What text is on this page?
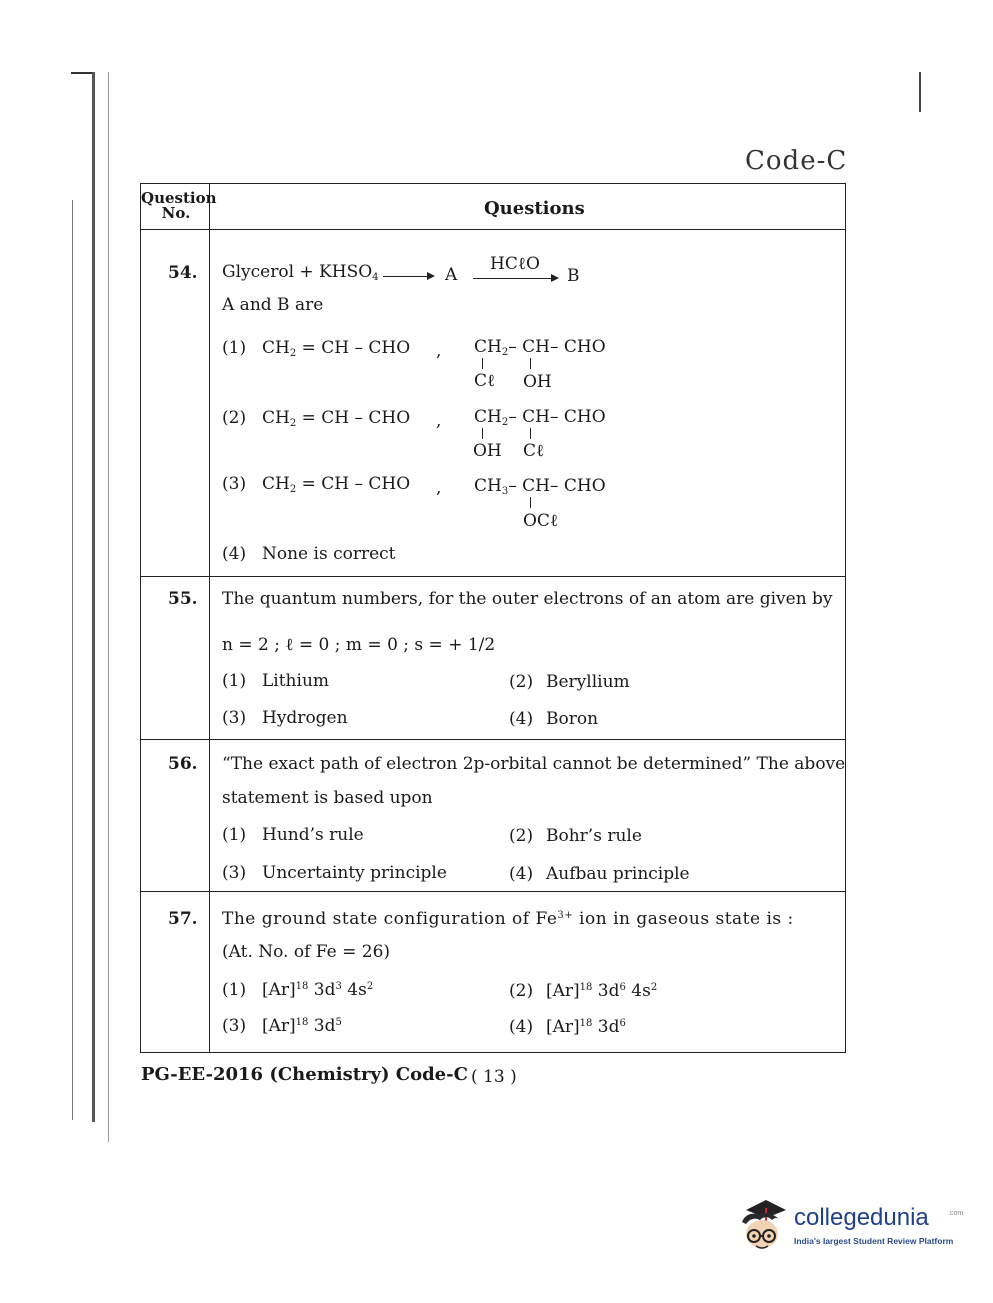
Code-C
Question
No.	Questions
54. Glycerol + $KHSO_4 \to A$
HCℓO
B
A and B are
(1) $CH_2$ = CH – CHO , $CH_2-$ CH– CHO
Cℓ OH
(2) $CH_2$ = CH – CHO , $CH_2-$ CH– CHO
OH Cℓ
(3) $CH_2$ = CH – CHO , $CH_3-$ CH– CHO
OCℓ
(4) None is correct
55. The quantum numbers, for the outer electrons of an atom are given by
n = 2 ; ℓ = 0 ; m = 0 ; s = + 1/2
(1) Lithium	(2) Beryllium
(3) Hydrogen	(4) Boron
56. “The exact path of electron 2p-orbital cannot be determined” The above
statement is based upon
(1) Hund’s rule	(2) Bohr’s rule
(3) Uncertainty principle	(4) Aufbau principle
57. The ground state configuration of $Fe^{3+}$ ion in gaseous state is :
(At. No. of Fe = 26)
(1) $[Ar]^{18}$ $3d^3$ $4s^2$	(2) $[Ar]^{18}$ $3d^6$ $4s^2$
(3) $[Ar]^{18}$ $3d^5$	(4) $[Ar]^{18}$ $3d^6$
PG-EE-2016 (Chemistry) Code-C ( 13 )
collegedunia	.com
India's largest Student Review Platform
